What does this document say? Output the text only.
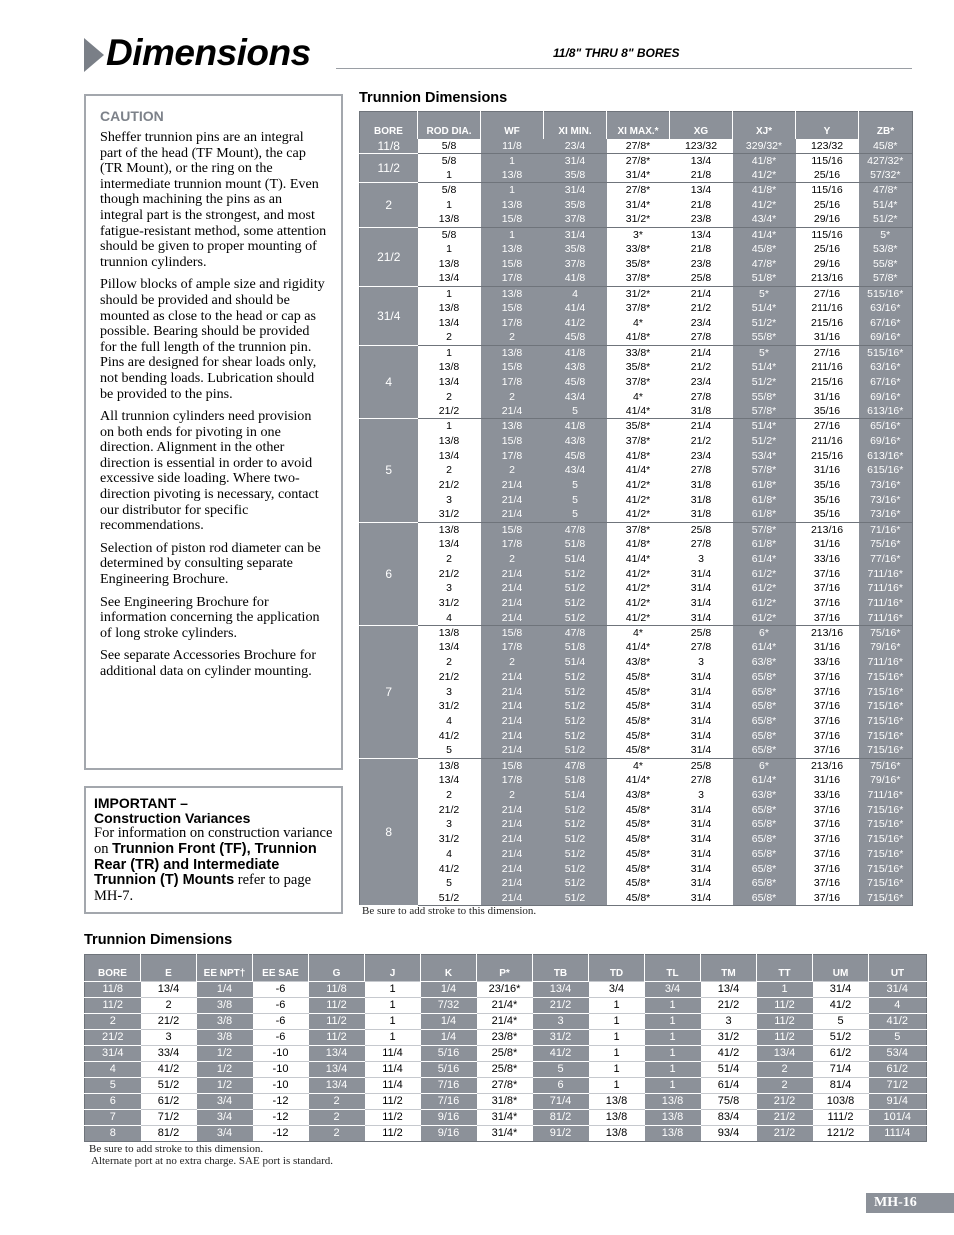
Dimensions	11/8" THRU 8" BORES
CAUTION

Sheffer trunnion pins are an integral part of the head (TF Mount), the cap (TR Mount), or the ring on the intermediate trunnion mount (T). Even though machining the pins as an integral part is the strongest, and most fatigue-resistant method, some attention should be given to proper mounting of trunnion cylinders.

Pillow blocks of ample size and rigidity should be provided and should be mounted as close to the head or cap as possible. Bearing should be provided for the full length of the trunnion pin. Pins are designed for shear loads only, not bending loads. Lubrication should be provided to the pins.

All trunnion cylinders need provision on both ends for pivoting in one direction. Alignment in the other direction is essential in order to avoid excessive side loading. Where two-direction pivoting is necessary, contact our distributor for specific recommendations.

Selection of piston rod diameter can be determined by consulting separate Engineering Brochure.

See Engineering Brochure for information concerning the application of long stroke cylinders.

See separate Accessories Brochure for additional data on cylinder mounting.

IMPORTANT –
Construction Variances
For information on construction variance on Trunnion Front (TF), Trunnion Rear (TR) and Intermediate Trunnion (T) Mounts refer to page MH-7.
Trunnion Dimensions
BORE	ROD DIA.	WF	XI MIN.	XI MAX.*	XG	XJ*	Y	ZB*
11/8	5/8	11/8	23/4	27/8*	123/32	329/32*	123/32	45/8*
11/2	5/8	1	31/4	27/8*	13/4	41/8*	115/16	427/32*
	1	13/8	35/8	31/4*	21/8	41/2*	25/16	57/32*
2	5/8	1	31/4	27/8*	13/4	41/8*	115/16	47/8*
	1	13/8	35/8	31/4*	21/8	41/2*	25/16	51/4*
	13/8	15/8	37/8	31/2*	23/8	43/4*	29/16	51/2*
21/2	5/8	1	31/4	3*	13/4	41/4*	115/16	5*
	1	13/8	35/8	33/8*	21/8	45/8*	25/16	53/8*
	13/8	15/8	37/8	35/8*	23/8	47/8*	29/16	55/8*
	13/4	17/8	41/8	37/8*	25/8	51/8*	213/16	57/8*
31/4	1	13/8	4	31/2*	21/4	5*	27/16	515/16*
	13/8	15/8	41/4	37/8*	21/2	51/4*	211/16	63/16*
	13/4	17/8	41/2	4*	23/4	51/2*	215/16	67/16*
	2	2	45/8	41/8*	27/8	55/8*	31/16	69/16*
4	1	13/8	41/8	33/8*	21/4	5*	27/16	515/16*
	13/8	15/8	43/8	35/8*	21/2	51/4*	211/16	63/16*
	13/4	17/8	45/8	37/8*	23/4	51/2*	215/16	67/16*
	2	2	43/4	4*	27/8	55/8*	31/16	69/16*
	21/2	21/4	5	41/4*	31/8	57/8*	35/16	613/16*
5	1	13/8	41/8	35/8*	21/4	51/4*	27/16	65/16*
	13/8	15/8	43/8	37/8*	21/2	51/2*	211/16	69/16*
	13/4	17/8	45/8	41/8*	23/4	53/4*	215/16	613/16*
	2	2	43/4	41/4*	27/8	57/8*	31/16	615/16*
	21/2	21/4	5	41/2*	31/8	61/8*	35/16	73/16*
	3	21/4	5	41/2*	31/8	61/8*	35/16	73/16*
	31/2	21/4	5	41/2*	31/8	61/8*	35/16	73/16*
6	13/8	15/8	47/8	37/8*	25/8	57/8*	213/16	71/16*
	13/4	17/8	51/8	41/8*	27/8	61/8*	31/16	75/16*
	2	2	51/4	41/4*	3	61/4*	33/16	77/16*
	21/2	21/4	51/2	41/2*	31/4	61/2*	37/16	711/16*
	3	21/4	51/2	41/2*	31/4	61/2*	37/16	711/16*
	31/2	21/4	51/2	41/2*	31/4	61/2*	37/16	711/16*
	4	21/4	51/2	41/2*	31/4	61/2*	37/16	711/16*
7	13/8	15/8	47/8	4*	25/8	6*	213/16	75/16*
	13/4	17/8	51/8	41/4*	27/8	61/4*	31/16	79/16*
	2	2	51/4	43/8*	3	63/8*	33/16	711/16*
	21/2	21/4	51/2	45/8*	31/4	65/8*	37/16	715/16*
	3	21/4	51/2	45/8*	31/4	65/8*	37/16	715/16*
	31/2	21/4	51/2	45/8*	31/4	65/8*	37/16	715/16*
	4	21/4	51/2	45/8*	31/4	65/8*	37/16	715/16*
	41/2	21/4	51/2	45/8*	31/4	65/8*	37/16	715/16*
	5	21/4	51/2	45/8*	31/4	65/8*	37/16	715/16*
8	13/8	15/8	47/8	4*	25/8	6*	213/16	75/16*
	13/4	17/8	51/8	41/4*	27/8	61/4*	31/16	79/16*
	2	2	51/4	43/8*	3	63/8*	33/16	711/16*
	21/2	21/4	51/2	45/8*	31/4	65/8*	37/16	715/16*
	3	21/4	51/2	45/8*	31/4	65/8*	37/16	715/16*
	31/2	21/4	51/2	45/8*	31/4	65/8*	37/16	715/16*
	4	21/4	51/2	45/8*	31/4	65/8*	37/16	715/16*
	41/2	21/4	51/2	45/8*	31/4	65/8*	37/16	715/16*
	5	21/4	51/2	45/8*	31/4	65/8*	37/16	715/16*
	51/2	21/4	51/2	45/8*	31/4	65/8*	37/16	715/16*
Be sure to add stroke to this dimension.
Trunnion Dimensions
BORE	E	EE NPT†	EE SAE	G	J	K	P*	TB	TD	TL	TM	TT	UM	UT
11/8	13/4	1/4	-6	11/8	1	1/4	23/16*	13/4	3/4	3/4	13/4	1	31/4	31/4
11/2	2	3/8	-6	11/2	1	7/32	21/4*	21/2	1	1	21/2	11/2	41/2	4
2	21/2	3/8	-6	11/2	1	1/4	21/4*	3	1	1	3	11/2	5	41/2
21/2	3	3/8	-6	11/2	1	1/4	23/8*	31/2	1	1	31/2	11/2	51/2	5
31/4	33/4	1/2	-10	13/4	11/4	5/16	25/8*	41/2	1	1	41/2	13/4	61/2	53/4
4	41/2	1/2	-10	13/4	11/4	5/16	25/8*	5	1	1	51/4	2	71/4	61/2
5	51/2	1/2	-10	13/4	11/4	7/16	27/8*	6	1	1	61/4	2	81/4	71/2
6	61/2	3/4	-12	2	11/2	7/16	31/8*	71/4	13/8	13/8	75/8	21/2	103/8	91/4
7	71/2	3/4	-12	2	11/2	9/16	31/4*	81/2	13/8	13/8	83/4	21/2	111/2	101/4
8	81/2	3/4	-12	2	11/2	9/16	31/4*	91/2	13/8	13/8	93/4	21/2	121/2	111/4
Be sure to add stroke to this dimension.
Alternate port at no extra charge. SAE port is standard.
MH-16
